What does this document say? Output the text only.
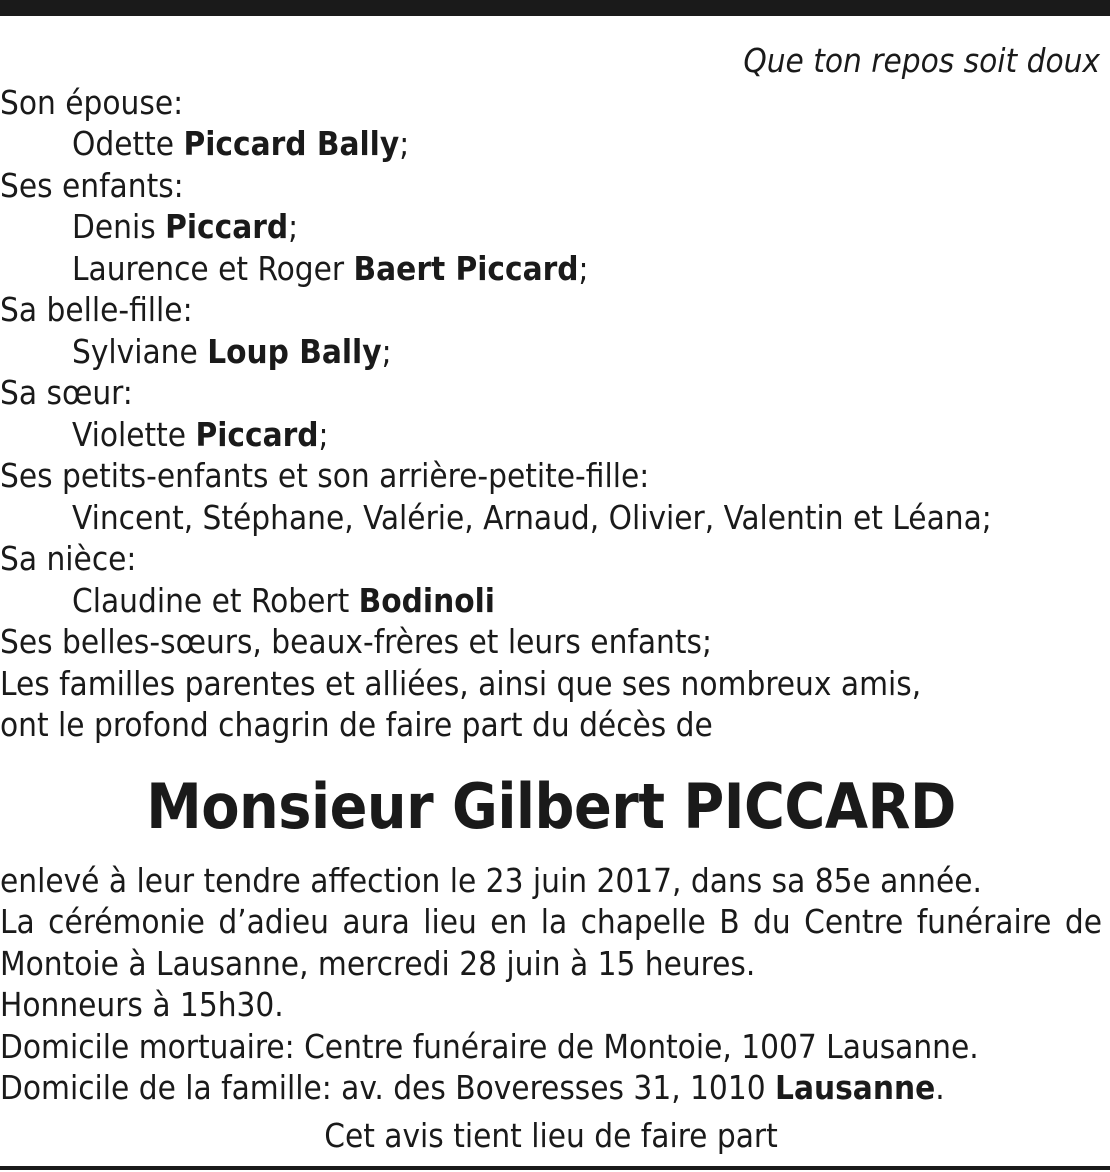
Que ton repos soit doux
Son épouse:
Odette Piccard Bally;
Ses enfants:
Denis Piccard;
Laurence et Roger Baert Piccard;
Sa belle-fille:
Sylviane Loup Bally;
Sa sœur:
Violette Piccard;
Ses petits-enfants et son arrière-petite-fille:
Vincent, Stéphane, Valérie, Arnaud, Olivier, Valentin et Léana;
Sa nièce:
Claudine et Robert Bodinoli
Ses belles-sœurs, beaux-frères et leurs enfants;
Les familles parentes et alliées, ainsi que ses nombreux amis,
ont le profond chagrin de faire part du décès de
Monsieur Gilbert PICCARD
enlevé à leur tendre affection le 23 juin 2017, dans sa 85e année.
La cérémonie d’adieu aura lieu en la chapelle B du Centre funéraire de Montoie à Lausanne, mercredi 28 juin à 15 heures.
Honneurs à 15h30.
Domicile mortuaire: Centre funéraire de Montoie, 1007 Lausanne.
Domicile de la famille: av. des Boveresses 31, 1010 Lausanne.
Cet avis tient lieu de faire part
